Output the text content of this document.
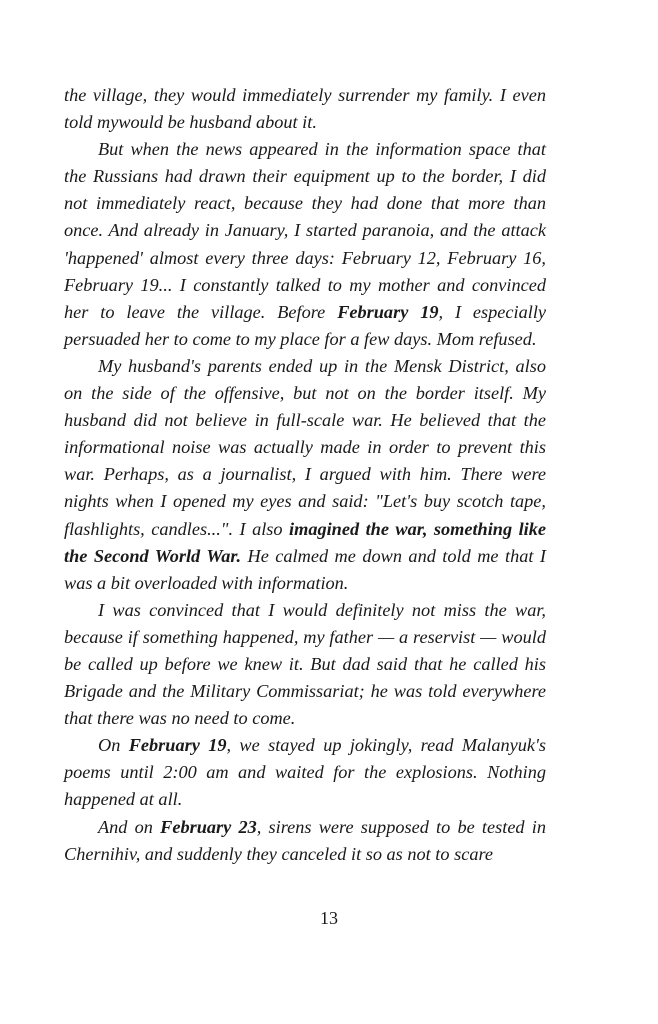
the village, they would immediately surrender my family. I even told mywould be husband about it.

But when the news appeared in the information space that the Russians had drawn their equipment up to the border, I did not immediately react, because they had done that more than once. And already in January, I started paranoia, and the attack 'happened' almost every three days: February 12, February 16, February 19... I constantly talked to my mother and convinced her to leave the village. Before February 19, I especially persuaded her to come to my place for a few days. Mom refused.

My husband's parents ended up in the Mensk District, also on the side of the offensive, but not on the border itself. My husband did not believe in full-scale war. He believed that the informational noise was actually made in order to prevent this war. Perhaps, as a journalist, I argued with him. There were nights when I opened my eyes and said: "Let's buy scotch tape, flashlights, candles...". I also imagined the war, something like the Second World War. He calmed me down and told me that I was a bit overloaded with information.

I was convinced that I would definitely not miss the war, because if something happened, my father — a reservist — would be called up before we knew it. But dad said that he called his Brigade and the Military Commissariat; he was told everywhere that there was no need to come.

On February 19, we stayed up jokingly, read Malanyuk's poems until 2:00 am and waited for the explosions. Nothing happened at all.

And on February 23, sirens were supposed to be tested in Chernihiv, and suddenly they canceled it so as not to scare

13
